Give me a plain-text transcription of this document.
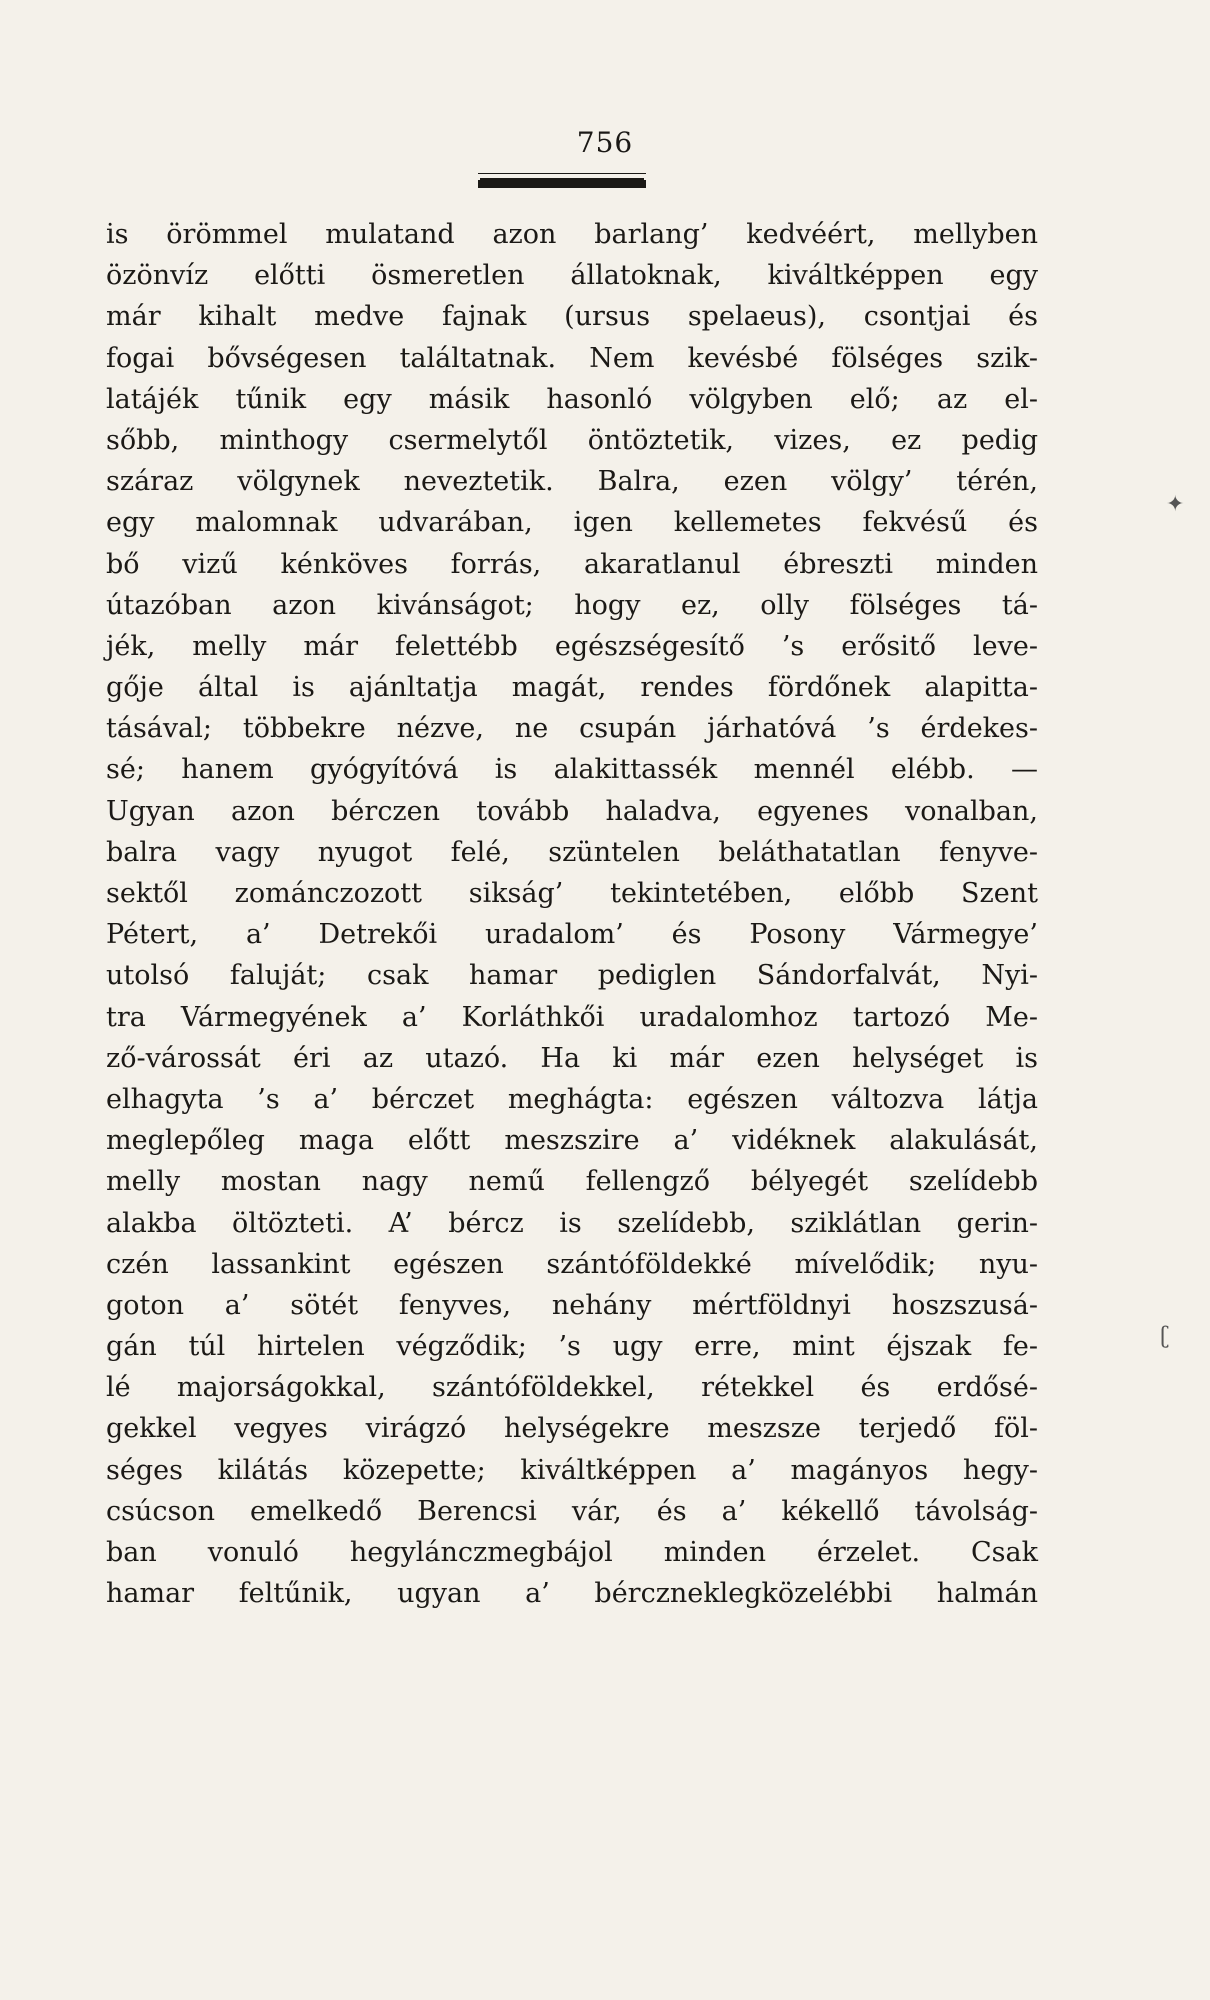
756
is örömmel mulatand azon barlang’ kedvéért, mellyben
özönvíz előtti ösmeretlen állatoknak, kiváltképpen egy
már kihalt medve fajnak (ursus spelaeus), csontjai és
fogai bővségesen találtatnak. Nem kevésbé fölséges szik-
latájék tűnik egy másik hasonló völgyben elő; az el-
sőbb, minthogy csermelytől öntöztetik, vizes, ez pedig
száraz völgynek neveztetik. Balra, ezen völgy’ térén,
egy malomnak udvarában, igen kellemetes fekvésű és
bő vizű kénköves forrás, akaratlanul ébreszti minden
útazóban azon kivánságot; hogy ez, olly fölséges tá-
jék, melly már felettébb egészségesítő ’s erősitő leve-
gője által is ajánltatja magát, rendes fördőnek alapitta-
tásával; többekre nézve, ne csupán járhatóvá ’s érdekes-
sé; hanem gyógyítóvá is alakittassék mennél elébb. —
Ugyan azon bérczen tovább haladva, egyenes vonalban,
balra vagy nyugot felé, szüntelen beláthatatlan fenyve-
sektől zománczozott sikság’ tekintetében, előbb Szent
Pétert, a’ Detrekői uradalom’ és Posony Vármegye’
utolsó faluját; csak hamar pediglen Sándorfalvát, Nyi-
tra Vármegyének a’ Korláthkői uradalomhoz tartozó Me-
ző-várossát éri az utazó. Ha ki már ezen helységet is
elhagyta ’s a’ bérczet meghágta: egészen változva látja
meglepőleg maga előtt meszszire a’ vidéknek alakulását,
melly mostan nagy nemű fellengző bélyegét szelídebb
alakba öltözteti. A’ bércz is szelídebb, sziklátlan gerin-
czén lassankint egészen szántóföldekké mívelődik; nyu-
goton a’ sötét fenyves, nehány mértföldnyi hoszszusá-
gán túl hirtelen végződik; ’s ugy erre, mint éjszak fe-
lé majorságokkal, szántóföldekkel, rétekkel és erdősé-
gekkel vegyes virágzó helységekre meszsze terjedő föl-
séges kilátás közepette; kiváltképpen a’ magányos hegy-
csúcson emelkedő Berencsi vár, és a’ kékellő távolság-
ban vonuló hegylánczmegbájol minden érzelet. Csak
hamar feltűnik, ugyan a’ bérczneklegközelébbi halmán
✦
ʗ
